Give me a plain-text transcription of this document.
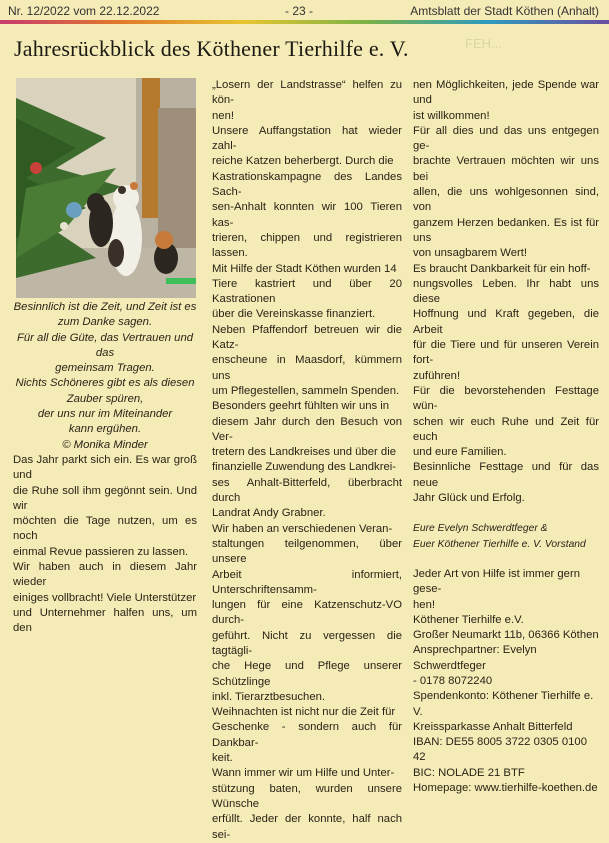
Nr. 12/2022 vom 22.12.2022	- 23 -	Amtsblatt der Stadt Köthen (Anhalt)
Jahresrückblick des Köthener Tierhilfe e. V.	FEH...

Besinnlich ist die Zeit, und Zeit ist es

zum Danke sagen.

Für all die Güte, das Vertrauen und das

gemeinsam Tragen.

Nichts Schöneres gibt es als diesen

Zauber spüren,

der uns nur im Miteinander

kann ergühen.

© Monika Minder

Das Jahr parkt sich ein. Es war groß und

die Ruhe soll ihm gegönnt sein. Und wir

möchten die Tage nutzen, um es noch

einmal Revue passieren zu lassen.

Wir haben auch in diesem Jahr wieder

einiges vollbracht! Viele Unterstützer

und Unternehmer halfen uns, um den

„Losern der Landstrasse“ helfen zu kön-

nen!

Unsere Auffangstation hat wieder zahl-

reiche Katzen beherbergt. Durch die

Kastrationskampagne des Landes Sach-

sen-Anhalt konnten wir 100 Tieren kas-

trieren, chippen und registrieren lassen.

Mit Hilfe der Stadt Köthen wurden 14

Tiere kastriert und über 20 Kastrationen

über die Vereinskasse finanziert.

Neben Pfaffendorf betreuen wir die Katz-

enscheune in Maasdorf, kümmern uns

um Pflegestellen, sammeln Spenden.

Besonders geehrt fühlten wir uns in

diesem Jahr durch den Besuch von Ver-

tretern des Landkreises und über die

finanzielle Zuwendung des Landkrei-

ses Anhalt-Bitterfeld, überbracht durch

Landrat Andy Grabner.

Wir haben an verschiedenen Veran-

staltungen teilgenommen, über unsere

Arbeit informiert, Unterschriftensamm-

lungen für eine Katzenschutz-VO durch-

geführt. Nicht zu vergessen die tagtägli-

che Hege und Pflege unserer Schützlinge

inkl. Tierarztbesuchen.

Weihnachten ist nicht nur die Zeit für

Geschenke - sondern auch für Dankbar-

keit.

Wann immer wir um Hilfe und Unter-

stützung baten, wurden unsere Wünsche

erfüllt. Jeder der konnte, half nach sei-

nen Möglichkeiten, jede Spende war und

ist willkommen!

Für all dies und das uns entgegen ge-

brachte Vertrauen möchten wir uns bei

allen, die uns wohlgesonnen sind, von

ganzem Herzen bedanken. Es ist für uns

von unsagbarem Wert!

Es braucht Dankbarkeit für ein hoff-

nungsvolles Leben. Ihr habt uns diese

Hoffnung und Kraft gegeben, die Arbeit

für die Tiere und für unseren Verein fort-

zuführen!

Für die bevorstehenden Festtage wün-

schen wir euch Ruhe und Zeit für euch

und eure Familien.

Besinnliche Festtage und für das neue

Jahr Glück und Erfolg.

Eure Evelyn Schwerdtfeger &

Euer Köthener Tierhilfe e. V. Vorstand

Jeder Art von Hilfe ist immer gern gese-

hen!

Köthener Tierhilfe e.V.

Großer Neumarkt 11b, 06366 Köthen

Ansprechpartner: Evelyn Schwerdtfeger

- 0178 8072240

Spendenkonto: Köthener Tierhilfe e. V.

Kreissparkasse Anhalt Bitterfeld

IBAN: DE55 8005 3722 0305 0100 42

BIC: NOLADE 21 BTF

Homepage: www.tierhilfe-koethen.de
